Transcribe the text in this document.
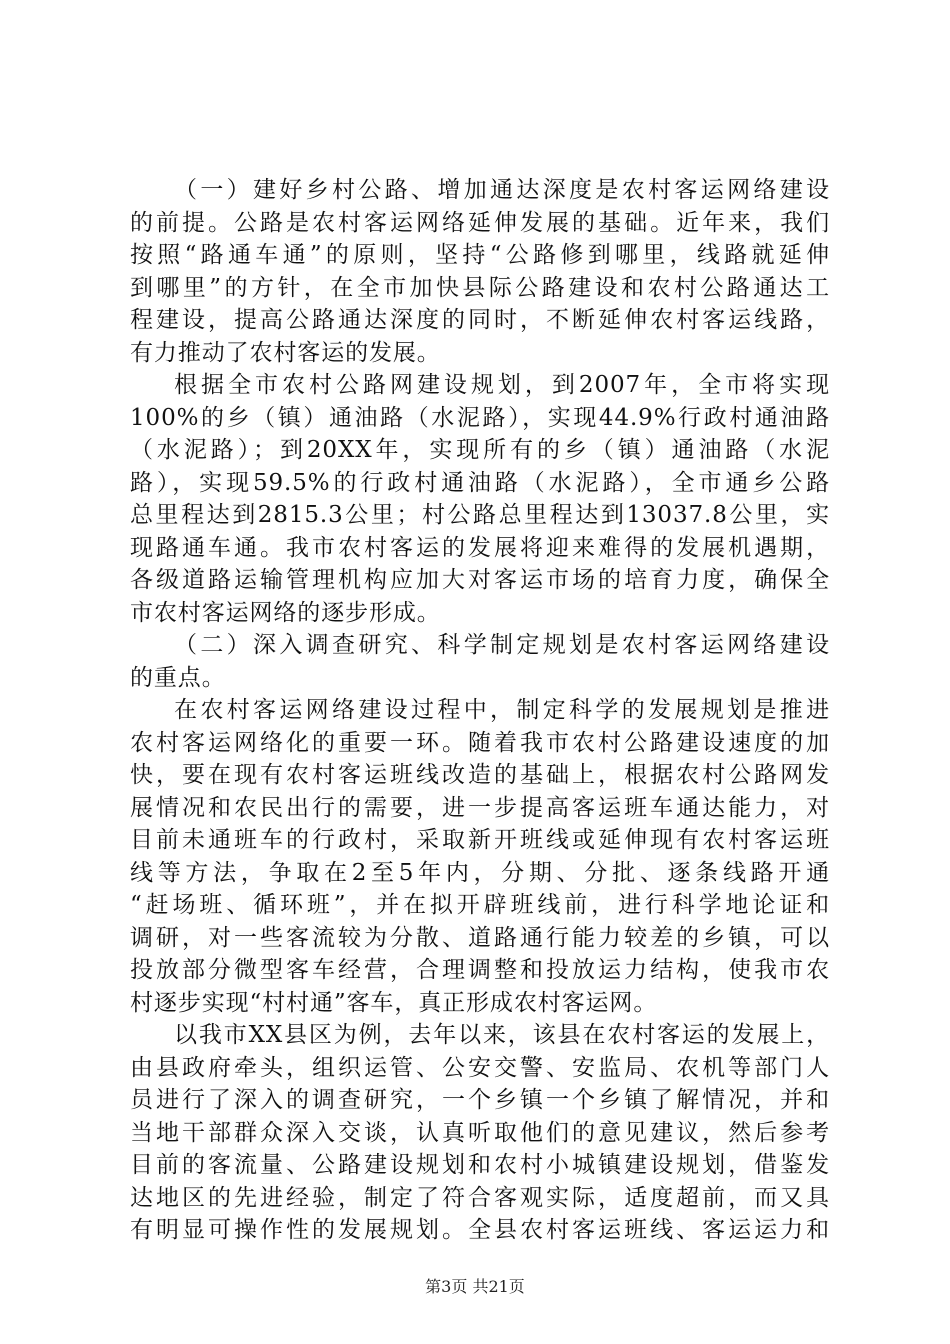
（一）建好乡村公路、增加通达深度是农村客运网络建设
的前提。公路是农村客运网络延伸发展的基础。近年来，我们
按照“路通车通”的原则，坚持“公路修到哪里，线路就延伸
到哪里”的方针，在全市加快县际公路建设和农村公路通达工
程建设，提高公路通达深度的同时，不断延伸农村客运线路，
有力推动了农村客运的发展。
根据全市农村公路网建设规划，到2007年，全市将实现
100%的乡（镇）通油路（水泥路），实现44.9%行政村通油路
（水泥路）；到20XX年，实现所有的乡（镇）通油路（水泥
路），实现59.5%的行政村通油路（水泥路），全市通乡公路
总里程达到2815.3公里；村公路总里程达到13037.8公里，实
现路通车通。我市农村客运的发展将迎来难得的发展机遇期，
各级道路运输管理机构应加大对客运市场的培育力度，确保全
市农村客运网络的逐步形成。
（二）深入调查研究、科学制定规划是农村客运网络建设
的重点。
在农村客运网络建设过程中，制定科学的发展规划是推进
农村客运网络化的重要一环。随着我市农村公路建设速度的加
快，要在现有农村客运班线改造的基础上，根据农村公路网发
展情况和农民出行的需要，进一步提高客运班车通达能力，对
目前未通班车的行政村，采取新开班线或延伸现有农村客运班
线等方法，争取在2至5年内，分期、分批、逐条线路开通
“赶场班、循环班”，并在拟开辟班线前，进行科学地论证和
调研，对一些客流较为分散、道路通行能力较差的乡镇，可以
投放部分微型客车经营，合理调整和投放运力结构，使我市农
村逐步实现“村村通”客车，真正形成农村客运网。
以我市XX县区为例，去年以来，该县在农村客运的发展上，
由县政府牵头，组织运管、公安交警、安监局、农机等部门人
员进行了深入的调查研究，一个乡镇一个乡镇了解情况，并和
当地干部群众深入交谈，认真听取他们的意见建议，然后参考
目前的客流量、公路建设规划和农村小城镇建设规划，借鉴发
达地区的先进经验，制定了符合客观实际，适度超前，而又具
有明显可操作性的发展规划。全县农村客运班线、客运运力和
第3页 共21页
